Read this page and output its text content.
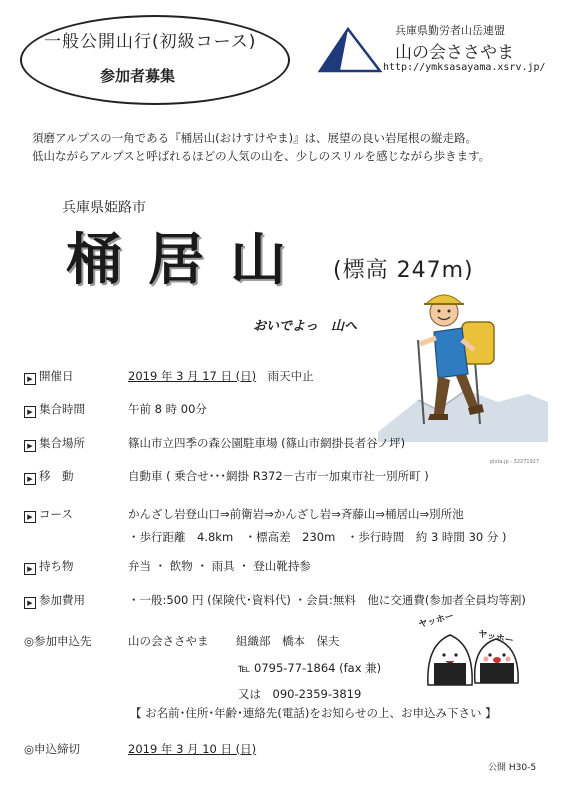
一般公開山行(初級コース)
参加者募集
兵庫県勤労者山岳連盟
山の会ささやま
http://ymksasayama.xsrv.jp/
須磨アルプスの一角である『桶居山(おけすけやま)』は、展望の良い岩尾根の縦走路。
低山ながらアルプスと呼ばれるほどの人気の山を、少しのスリルを感じながら歩きます。
兵庫県姫路市
桶居山 (標高 247m)
おいでよっ　山へ
pixta.jp - 32271927
▶ 開催日	2019 年 3 月 17 日 (日)　 雨天中止
▶ 集合時間	午前 8 時 00分
▶ 集合場所	篠山市立四季の森公園駐車場 (篠山市網掛長者谷ノ坪)
▶ 移　動	自動車 ( 乗合せ･･･網掛 R372－古市一加東市社一別所町 )
▶ コース	かんざし岩登山口⇒前衛岩⇒かんざし岩⇒斉藤山⇒桶居山⇒別所池
・歩行距離　4.8km　・標高差　230m　・歩行時間　約 3 時間 30 分 )
▶ 持ち物	弁当 ・ 飲物 ・ 雨具 ・ 登山靴持参
▶ 参加費用	・一般:500 円 (保険代･資料代) ・会員:無料　他に交通費(参加者全員均等割)
◎参加申込先	山の会ささやま 組織部　橋本　保夫
℡ 0795-77-1864 (fax 兼)
又は　090-2359-3819
【 お名前･住所･年齢･連絡先(電話)をお知らせの上、お申込み下さい 】
◎申込締切	2019 年 3 月 10 日 (日)
ヤッホー
ヤッホー
公開 H30-5
